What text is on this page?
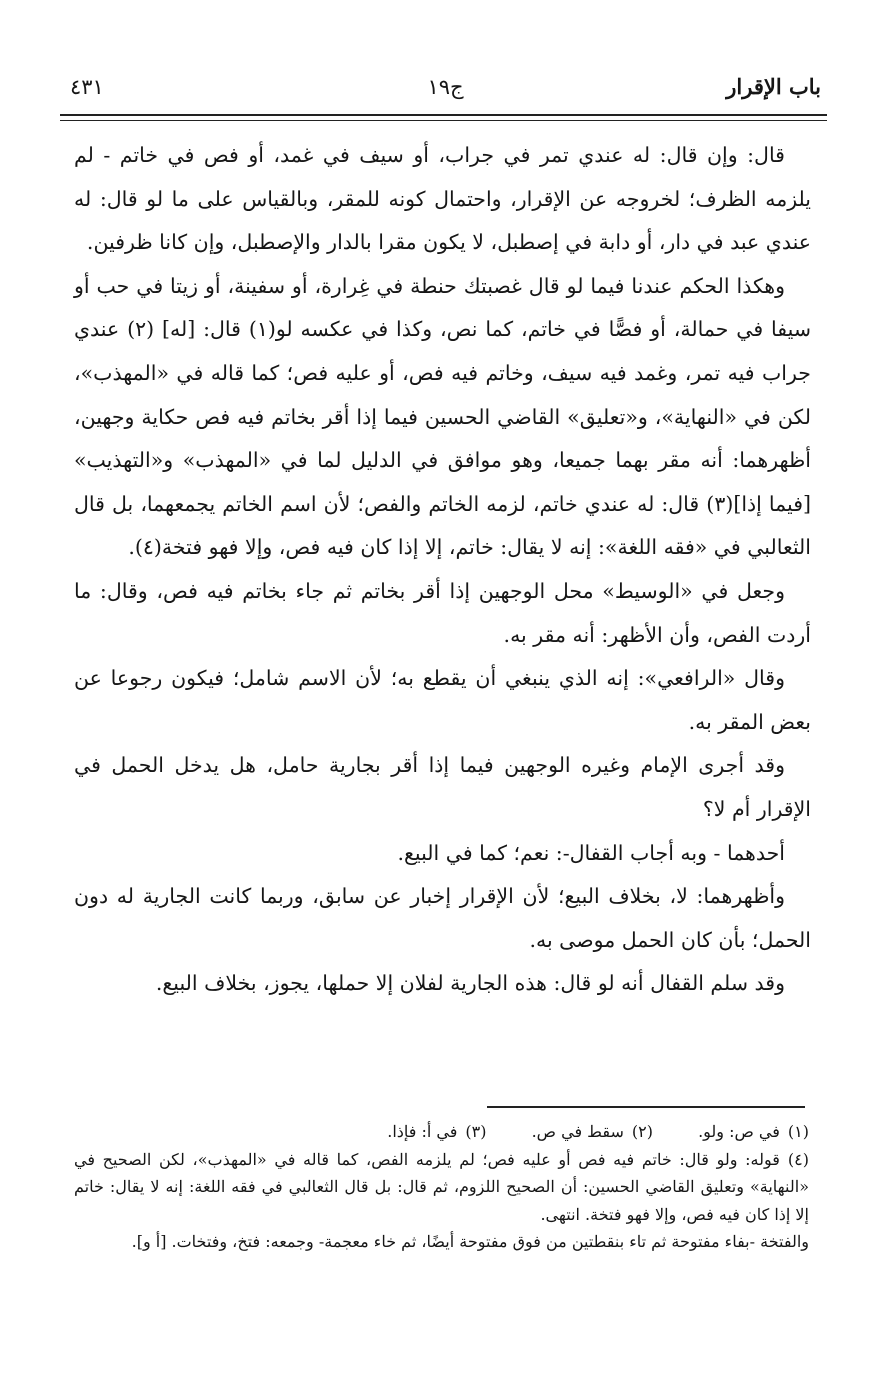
باب الإقرار
ج١٩
٤٣١

قال: وإن قال: له عندي تمر في جراب، أو سيف في غمد، أو فص في خاتم - لم يلزمه الظرف؛ لخروجه عن الإقرار، واحتمال كونه للمقر، وبالقياس على ما لو قال: له عندي عبد في دار، أو دابة في إصطبل، لا يكون مقرا بالدار والإصطبل، وإن كانا ظرفين.

وهكذا الحكم عندنا فيما لو قال غصبتك حنطة في غِرارة، أو سفينة، أو زيتا في حب أو سيفا في حمالة، أو فصًّا في خاتم، كما نص، وكذا في عكسه لو(١) قال: [له] (٢) عندي جراب فيه تمر، وغمد فيه سيف، وخاتم فيه فص، أو عليه فص؛ كما قاله في «المهذب»، لكن في «النهاية»، و«تعليق» القاضي الحسين فيما إذا أقر بخاتم فيه فص حكاية وجهين، أظهرهما: أنه مقر بهما جميعا، وهو موافق في الدليل لما في «المهذب» و«التهذيب» [فيما إذا](٣) قال: له عندي خاتم، لزمه الخاتم والفص؛ لأن اسم الخاتم يجمعهما، بل قال الثعالبي في «فقه اللغة»: إنه لا يقال: خاتم، إلا إذا كان فيه فص، وإلا فهو فتخة(٤).

وجعل في «الوسيط» محل الوجهين إذا أقر بخاتم ثم جاء بخاتم فيه فص، وقال: ما أردت الفص، وأن الأظهر: أنه مقر به.

وقال «الرافعي»: إنه الذي ينبغي أن يقطع به؛ لأن الاسم شامل؛ فيكون رجوعا عن بعض المقر به.

وقد أجرى الإمام وغيره الوجهين فيما إذا أقر بجارية حامل، هل يدخل الحمل في الإقرار أم لا؟

أحدهما - وبه أجاب القفال-: نعم؛ كما في البيع.

وأظهرهما: لا، بخلاف البيع؛ لأن الإقرار إخبار عن سابق، وربما كانت الجارية له دون الحمل؛ بأن كان الحمل موصى به.

وقد سلم القفال أنه لو قال: هذه الجارية لفلان إلا حملها، يجوز، بخلاف البيع.

(١)في ص: ولو. (٢)سقط في ص. (٣)في أ: فإذا.

(٤)قوله: ولو قال: خاتم فيه فص أو عليه فص؛ لم يلزمه الفص، كما قاله في «المهذب»، لكن الصحيح في «النهاية» وتعليق القاضي الحسين: أن الصحيح اللزوم، ثم قال: بل قال الثعالبي في فقه اللغة: إنه لا يقال: خاتم إلا إذا كان فيه فص، وإلا فهو فتخة. انتهى.

والفتخة -بفاء مفتوحة ثم تاء بنقطتين من فوق مفتوحة أيضًا، ثم خاء معجمة- وجمعه: فتخ، وفتخات. [أ و].
